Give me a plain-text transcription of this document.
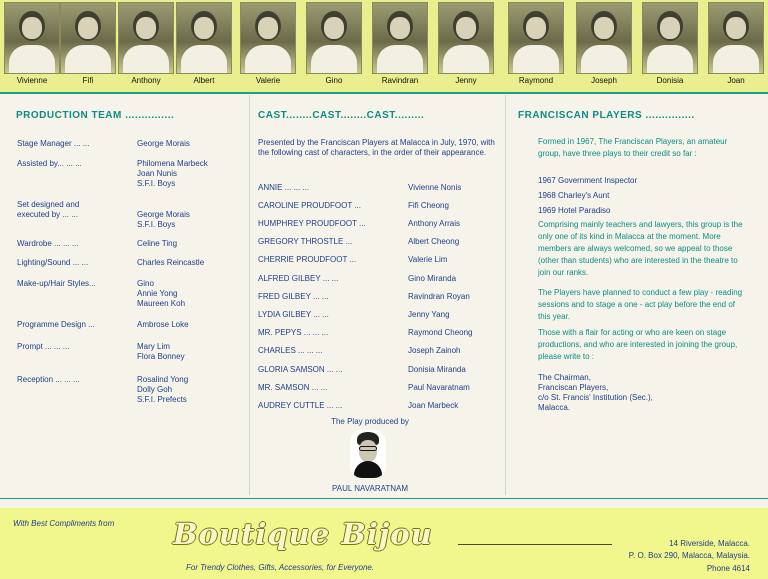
Vivienne	Fifi	Anthony	Albert	Valerie	Gino	Ravindran	Jenny	Raymond	Joseph	Donisia	Joan
PRODUCTION TEAM ...............
Stage Manager ... ...	George Morais
Assisted by... ... ...	Philomena Marbeck
Joan Nunis
S.F.I. Boys
Set designed and
executed by ... ...	George Morais
S.F.I. Boys
Wardrobe ... ... ...	Celine Ting
Lighting/Sound ... ...	Charles Reincastle
Make-up/Hair Styles...	Gino
Annie Yong
Maureen Koh
Programme Design ...	Ambrose Loke
Prompt ... ... ...	Mary Lim
Flora Bonney
Reception ... ... ...	Rosalind Yong
Dolly Goh
S.F.I. Prefects
CAST........CAST........CAST.........
Presented by the Franciscan Players at Malacca in July, 1970, with the following cast of characters, in the order of their appearance.
ANNIE ... ... ...	Vivienne Nonis
CAROLINE PROUDFOOT ...	Fifi Cheong
HUMPHREY PROUDFOOT ...	Anthony Arrais
GREGORY THROSTLE ...	Albert Cheong
CHERRIE PROUDFOOT ...	Valerie Lim
ALFRED GILBEY ... ...	Gino Miranda
FRED GILBEY ... ...	Ravindran Royan
LYDIA GILBEY ... ...	Jenny Yang
MR. PEPYS ... ... ...	Raymond Cheong
CHARLES ... ... ...	Joseph Zainoh
GLORIA SAMSON ... ...	Donisia Miranda
MR. SAMSON ... ...	Paul Navaratnam
AUDREY CUTTLE ... ...	Joan Marbeck
The Play produced by
PAUL NAVARATNAM
FRANCISCAN PLAYERS ...............
Formed in 1967, The Franciscan Players, an amateur group, have three plays to their credit so far :
1967 Government Inspector
1968 Charley's Aunt
1969 Hotel Paradiso
Comprising mainly teachers and lawyers, this group is the only one of its kind in Malacca at the moment. More members are always welcomed, so we appeal to those (other than students) who are interested in the theatre to join our ranks.
The Players have planned to conduct a few play - reading sessions and to stage a one - act play before the end of this year.
Those with a flair for acting or who are keen on stage productions, and who are interested in joining the group, please write to :
The Chairman,
Franciscan Players,
c/o St. Francis' Institution (Sec.),
Malacca.
With Best Compliments from Boutique Bijou
For Trendy Clothes, Gifts, Accessories, for Everyone.
14 Riverside, Malacca.
P. O. Box 290, Malacca, Malaysia.
Phone 4614
